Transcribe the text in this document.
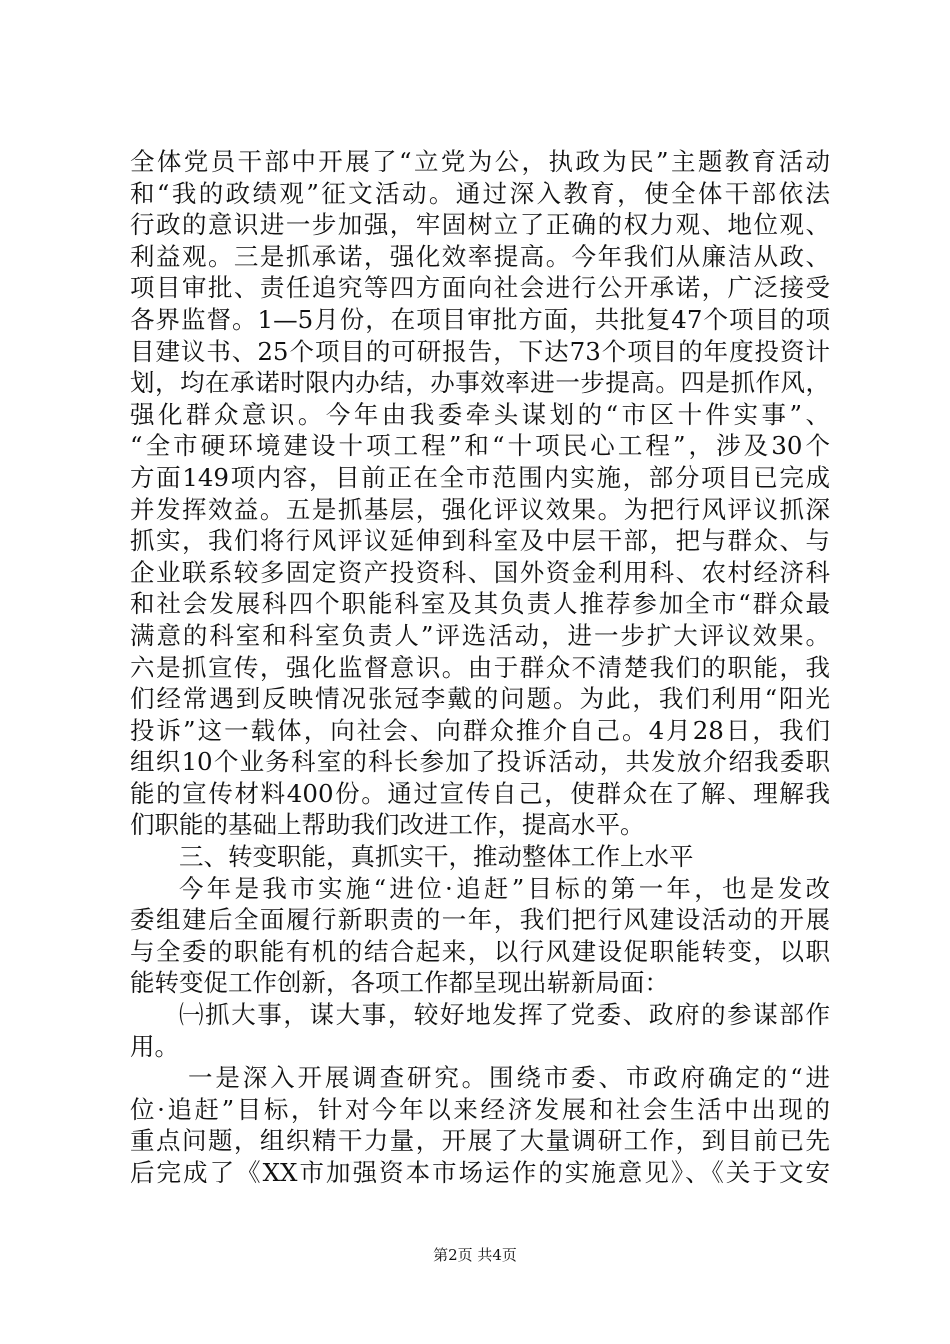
全体党员干部中开展了“立党为公，执政为民”主题教育活动
和“我的政绩观”征文活动。通过深入教育，使全体干部依法
行政的意识进一步加强，牢固树立了正确的权力观、地位观、
利益观。三是抓承诺，强化效率提高。今年我们从廉洁从政、
项目审批、责任追究等四方面向社会进行公开承诺，广泛接受
各界监督。1—5月份，在项目审批方面，共批复47个项目的项
目建议书、25个项目的可研报告，下达73个项目的年度投资计
划，均在承诺时限内办结，办事效率进一步提高。四是抓作风，
强化群众意识。今年由我委牵头谋划的“市区十件实事”、
“全市硬环境建设十项工程”和“十项民心工程”，涉及30个
方面149项内容，目前正在全市范围内实施，部分项目已完成
并发挥效益。五是抓基层，强化评议效果。为把行风评议抓深
抓实，我们将行风评议延伸到科室及中层干部，把与群众、与
企业联系较多固定资产投资科、国外资金利用科、农村经济科
和社会发展科四个职能科室及其负责人推荐参加全市“群众最
满意的科室和科室负责人”评选活动，进一步扩大评议效果。
六是抓宣传，强化监督意识。由于群众不清楚我们的职能，我
们经常遇到反映情况张冠李戴的问题。为此，我们利用“阳光
投诉”这一载体，向社会、向群众推介自己。4月28日，我们
组织10个业务科室的科长参加了投诉活动，共发放介绍我委职
能的宣传材料400份。通过宣传自己，使群众在了解、理解我
们职能的基础上帮助我们改进工作，提高水平。
三、转变职能，真抓实干，推动整体工作上水平
今年是我市实施“进位·追赶”目标的第一年，也是发改
委组建后全面履行新职责的一年，我们把行风建设活动的开展
与全委的职能有机的结合起来，以行风建设促职能转变，以职
能转变促工作创新，各项工作都呈现出崭新局面：
㈠抓大事，谋大事，较好地发挥了党委、政府的参谋部作
用。
一是深入开展调查研究。围绕市委、市政府确定的“进
位·追赶”目标，针对今年以来经济发展和社会生活中出现的
重点问题，组织精干力量，开展了大量调研工作，到目前已先
后完成了《XX市加强资本市场运作的实施意见》、《关于文安
第2页 共4页
